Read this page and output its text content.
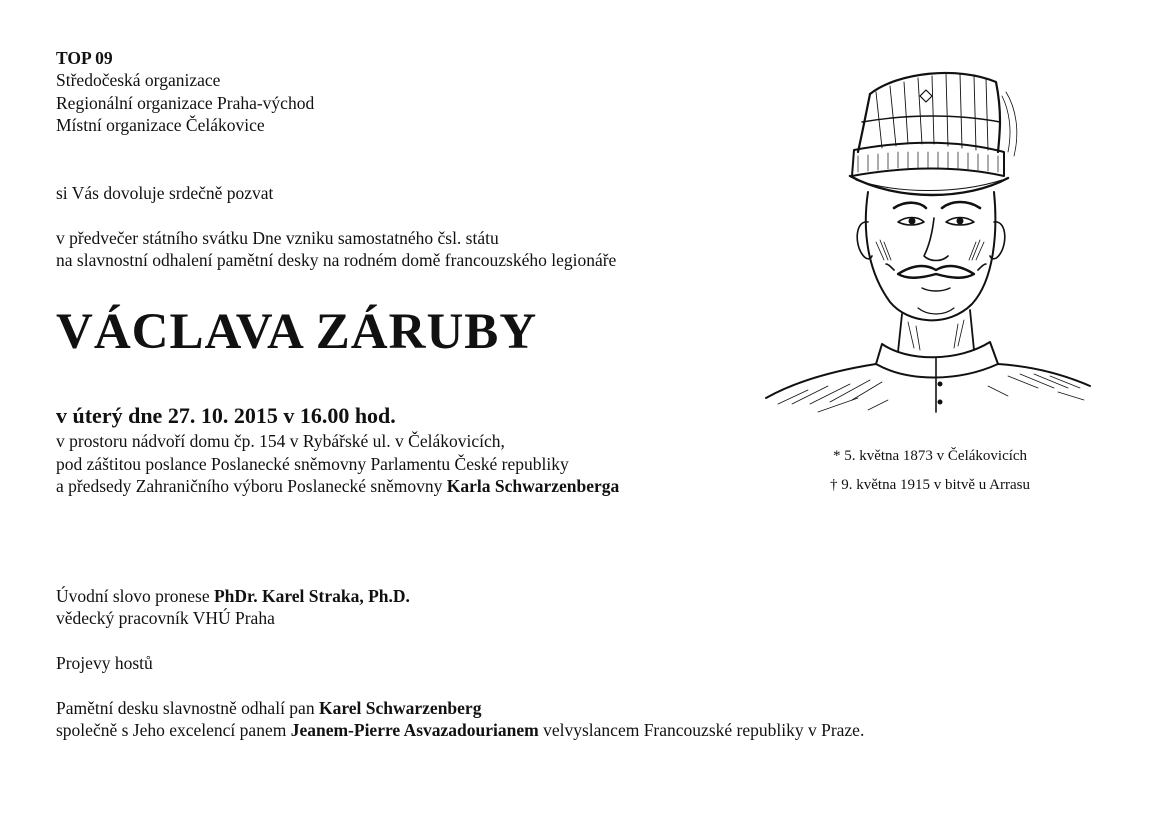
TOP 09
Středočeská organizace
Regionální organizace Praha-východ
Místní organizace Čelákovice
si Vás dovoluje srdečně pozvat
v předvečer státního svátku Dne vzniku samostatného čsl. státu
na slavnostní odhalení pamětní desky na rodném domě francouzského legionáře
VÁCLAVA ZÁRUBY
v úterý dne 27. 10. 2015 v 16.00 hod.
v prostoru nádvoří domu čp. 154 v Rybářské ul. v Čelákovicích,
pod záštitou poslance Poslanecké sněmovny Parlamentu České republiky
a předsedy Zahraničního výboru Poslanecké sněmovny Karla Schwarzenberga
Úvodní slovo pronese PhDr. Karel Straka, Ph.D.
vědecký pracovník VHÚ Praha
Projevy hostů
Pamětní desku slavnostně odhalí pan Karel Schwarzenberg
společně s Jeho excelencí panem Jeanem-Pierre Asvazadourianem velvyslancem Francouzské republiky v Praze.
* 5. května 1873 v Čelákovicích
† 9. května 1915 v bitvě u Arrasu
